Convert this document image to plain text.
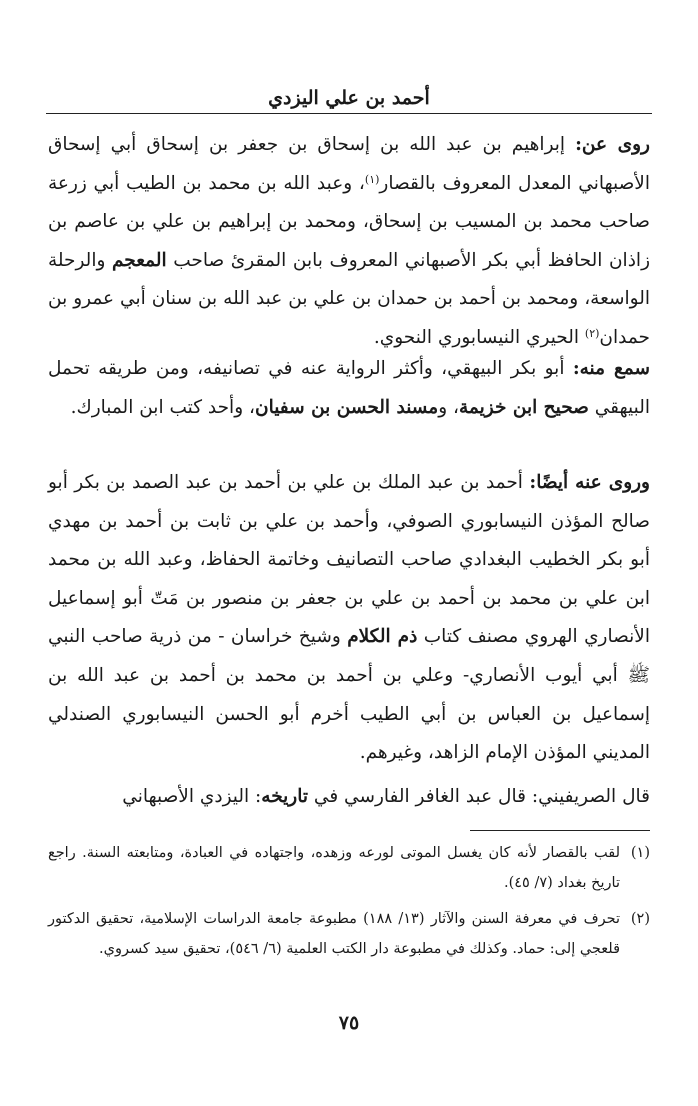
أحمد بن علي اليزدي

روى عن: إبراهيم بن عبد الله بن إسحاق بن جعفر بن إسحاق أبي إسحاق الأصبهاني المعدل المعروف بالقصار$^{(١)}$، وعبد الله بن محمد بن الطيب أبي زرعة صاحب محمد بن المسيب بن إسحاق، ومحمد بن إبراهيم بن علي بن عاصم بن زاذان الحافظ أبي بكر الأصبهاني المعروف بابن المقرئ صاحب المعجم والرحلة الواسعة، ومحمد بن أحمد بن حمدان بن علي بن عبد الله بن سنان أبي عمرو بن حمدان$^{(٢)}$ الحيري النيسابوري النحوي.

سمع منه: أبو بكر البيهقي، وأكثر الرواية عنه في تصانيفه، ومن طريقه تحمل البيهقي صحيح ابن خزيمة، ومسند الحسن بن سفيان، وأحد كتب ابن المبارك.

وروى عنه أيضًا: أحمد بن عبد الملك بن علي بن أحمد بن عبد الصمد بن بكر أبو صالح المؤذن النيسابوري الصوفي، وأحمد بن علي بن ثابت بن أحمد بن مهدي أبو بكر الخطيب البغدادي صاحب التصانيف وخاتمة الحفاظ، وعبد الله بن محمد ابن علي بن محمد بن أحمد بن علي بن جعفر بن منصور بن مَتّ أبو إسماعيل الأنصاري الهروي مصنف كتاب ذم الكلام وشيخ خراسان - من ذرية صاحب النبي ﷺ أبي أيوب الأنصاري- وعلي بن أحمد بن محمد بن أحمد بن عبد الله بن إسماعيل بن العباس بن أبي الطيب أخرم أبو الحسن النيسابوري الصندلي المديني المؤذن الإمام الزاهد، وغيرهم.

قال الصريفيني: قال عبد الغافر الفارسي في تاريخه: اليزدي الأصبهاني

(١)
لقب بالقصار لأنه كان يغسل الموتى لورعه وزهده، واجتهاده في العبادة، ومتابعته السنة. راجع تاريخ بغداد (٧/ ٤٥).
(٢)
تحرف في معرفة السنن والآثار (١٣/ ١٨٨) مطبوعة جامعة الدراسات الإسلامية، تحقيق الدكتور قلعجي إلى: حماد. وكذلك في مطبوعة دار الكتب العلمية (٦/ ٥٤٦)، تحقيق سيد كسروي.
٧٥
